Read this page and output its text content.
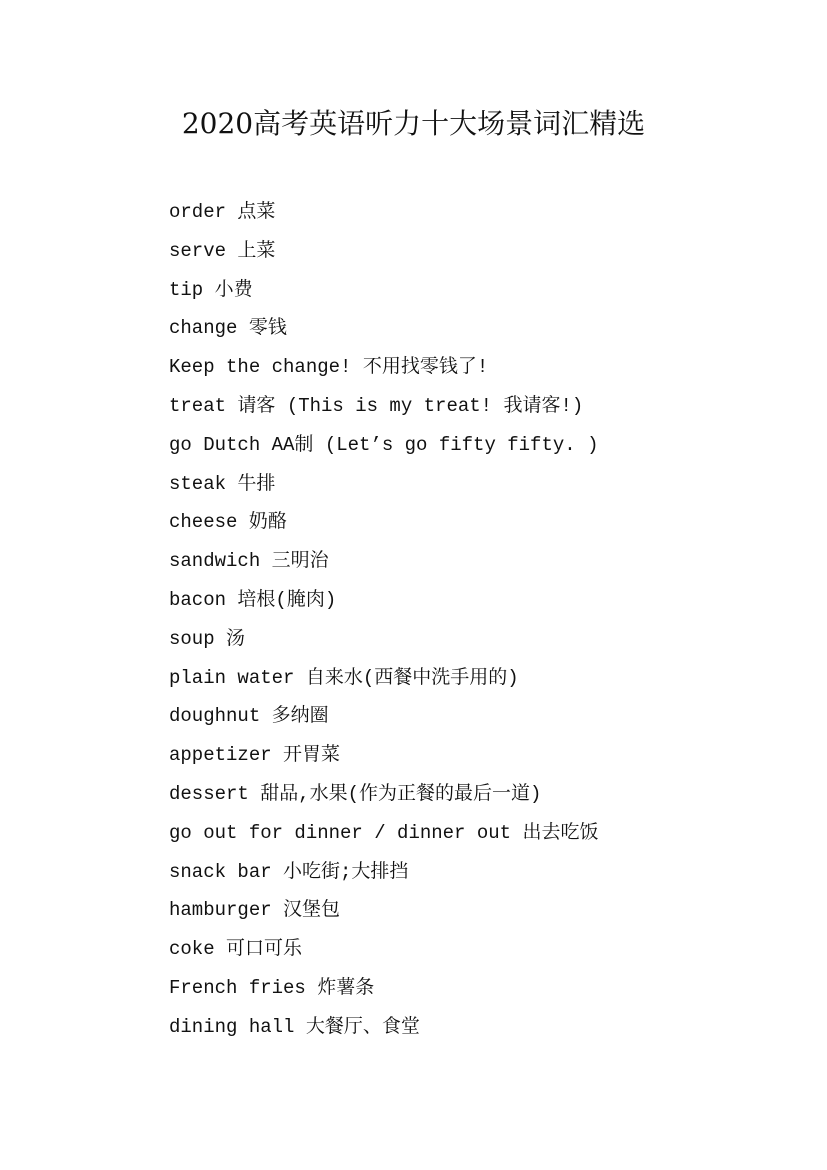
2020高考英语听力十大场景词汇精选
order 点菜
serve 上菜
tip 小费
change 零钱
Keep the change! 不用找零钱了!
treat 请客 (This is my treat! 我请客!)
go Dutch AA制 (Let’s go fifty fifty. )
steak 牛排
cheese 奶酪
sandwich 三明治
bacon 培根(腌肉)
soup 汤
plain water 自来水(西餐中洗手用的)
doughnut 多纳圈
appetizer 开胃菜
dessert 甜品,水果(作为正餐的最后一道)
go out for dinner / dinner out 出去吃饭
snack bar 小吃街;大排挡
hamburger 汉堡包
coke 可口可乐
French fries 炸薯条
dining hall 大餐厅、食堂
